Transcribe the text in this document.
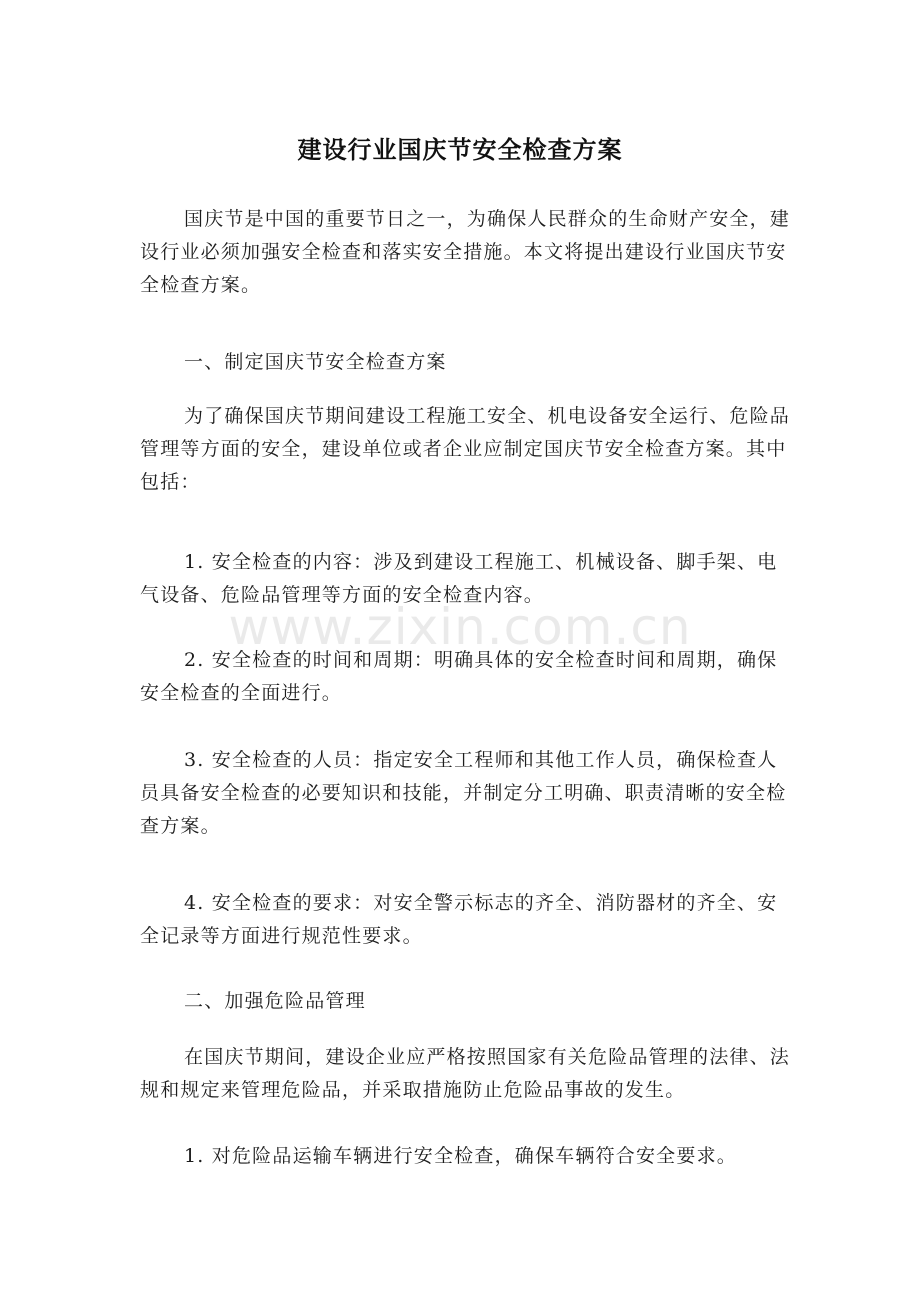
建设行业国庆节安全检查方案

国庆节是中国的重要节日之一，为确保人民群众的生命财产安全，建设行业必须加强安全检查和落实安全措施。本文将提出建设行业国庆节安全检查方案。

一、制定国庆节安全检查方案

为了确保国庆节期间建设工程施工安全、机电设备安全运行、危险品管理等方面的安全，建设单位或者企业应制定国庆节安全检查方案。其中包括：

1. 安全检查的内容：涉及到建设工程施工、机械设备、脚手架、电气设备、危险品管理等方面的安全检查内容。

2. 安全检查的时间和周期：明确具体的安全检查时间和周期，确保安全检查的全面进行。

3. 安全检查的人员：指定安全工程师和其他工作人员，确保检查人员具备安全检查的必要知识和技能，并制定分工明确、职责清晰的安全检查方案。

4. 安全检查的要求：对安全警示标志的齐全、消防器材的齐全、安全记录等方面进行规范性要求。

二、加强危险品管理

在国庆节期间，建设企业应严格按照国家有关危险品管理的法律、法规和规定来管理危险品，并采取措施防止危险品事故的发生。

1. 对危险品运输车辆进行安全检查，确保车辆符合安全要求。

www.zixin.com.cn
